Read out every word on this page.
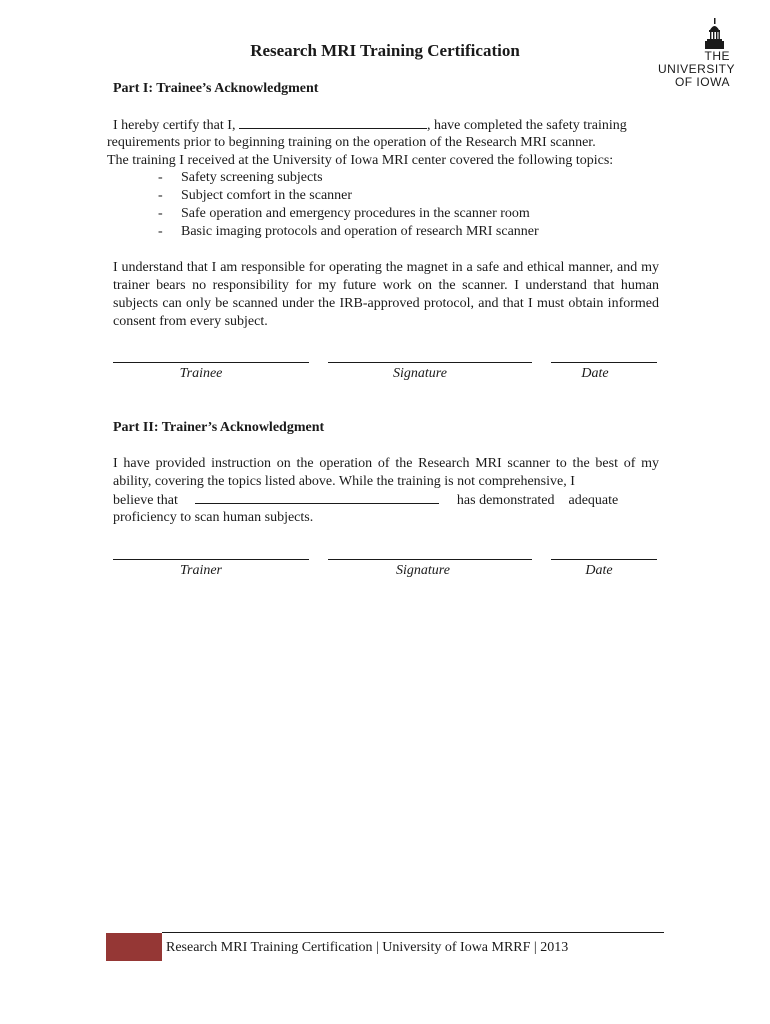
Research MRI Training Certification	THE
UNIVERSITY
OF IOWA
Part I: Trainee’s Acknowledgment
I hereby certify that I,	, have completed the safety training
requirements prior to beginning training on the operation of the Research MRI scanner.
The training I received at the University of Iowa MRI center covered the following topics:
-	Safety screening subjects
-	Subject comfort in the scanner
-	Safe operation and emergency procedures in the scanner room
-	Basic imaging protocols and operation of research MRI scanner
I understand that I am responsible for operating the magnet in a safe and ethical manner, and my trainer bears no responsibility for my future work on the scanner. I understand that human subjects can only be scanned under the IRB-approved protocol, and that I must obtain informed consent from every subject.
Trainee	Signature	Date
Part II: Trainer’s Acknowledgment
I have provided instruction on the operation of the Research MRI scanner to the best of my ability, covering the topics listed above. While the training is not comprehensive, I
believe that	has demonstrated    adequate
proficiency to scan human subjects.
Trainer	Signature	Date
Research MRI Training Certification | University of Iowa MRRF | 2013
